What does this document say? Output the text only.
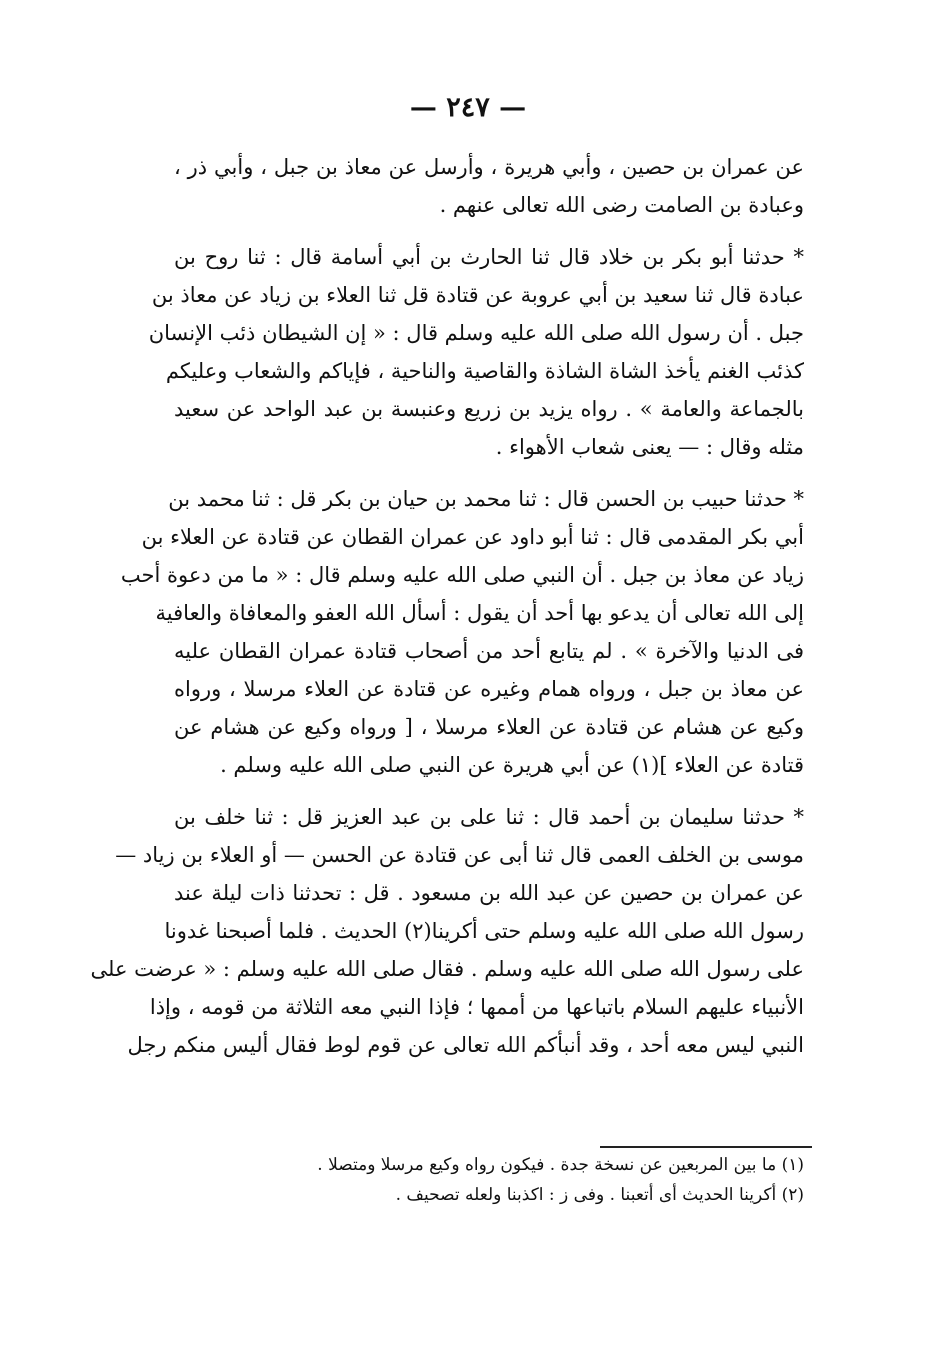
— ٢٤٧ —
عن عمران بن حصين ، وأبي هريرة ، وأرسل عن معاذ بن جبل ، وأبي ذر ،
وعبادة بن الصامت رضى الله تعالى عنهم .
* حدثنا أبو بكر بن خلاد قال ثنا الحارث بن أبي أسامة قال : ثنا روح بن
عبادة قال ثنا سعيد بن أبي عروبة عن قتادة قل ثنا العلاء بن زياد عن معاذ بن
جبل . أن رسول الله صلى الله عليه وسلم قال : « إن الشيطان ذئب الإنسان
كذئب الغنم يأخذ الشاة الشاذة والقاصية والناحية ، فإياكم والشعاب وعليكم
بالجماعة والعامة » . رواه يزيد بن زريع وعنبسة بن عبد الواحد عن سعيد
مثله وقال : — يعنى شعاب الأهواء .
* حدثنا حبيب بن الحسن قال : ثنا محمد بن حيان بن بكر قل : ثنا محمد بن
أبي بكر المقدمى قال : ثنا أبو داود عن عمران القطان عن قتادة عن العلاء بن
زياد عن معاذ بن جبل . أن النبي صلى الله عليه وسلم قال : « ما من دعوة أحب
إلى الله تعالى أن يدعو بها أحد أن يقول : أسأل الله العفو والمعافاة والعافية
فى الدنيا والآخرة » . لم يتابع أحد من أصحاب قتادة عمران القطان عليه
عن معاذ بن جبل ، ورواه همام وغيره عن قتادة عن العلاء مرسلا ، ورواه
وكيع عن هشام عن قتادة عن العلاء مرسلا ، [ ورواه وكيع عن هشام عن
قتادة عن العلاء ](١) عن أبي هريرة عن النبي صلى الله عليه وسلم .
* حدثنا سليمان بن أحمد قال : ثنا على بن عبد العزيز قل : ثنا خلف بن
موسى بن الخلف العمى قال ثنا أبى عن قتادة عن الحسن — أو العلاء بن زياد —
عن عمران بن حصين عن عبد الله بن مسعود . قل : تحدثنا ذات ليلة عند
رسول الله صلى الله عليه وسلم حتى أكرينا(٢) الحديث . فلما أصبحنا غدونا
على رسول الله صلى الله عليه وسلم . فقال صلى الله عليه وسلم : « عرضت على
الأنبياء عليهم السلام باتباعها من أممها ؛ فإذا النبي معه الثلاثة من قومه ، وإذا
النبي ليس معه أحد ، وقد أنبأكم الله تعالى عن قوم لوط فقال أليس منكم رجل
(١) ما بين المربعين عن نسخة جدة . فيكون رواه وكيع مرسلا ومتصلا .
(٢) أكرينا الحديث أى أتعبنا . وفى ز : اكذبنا ولعله تصحيف .
